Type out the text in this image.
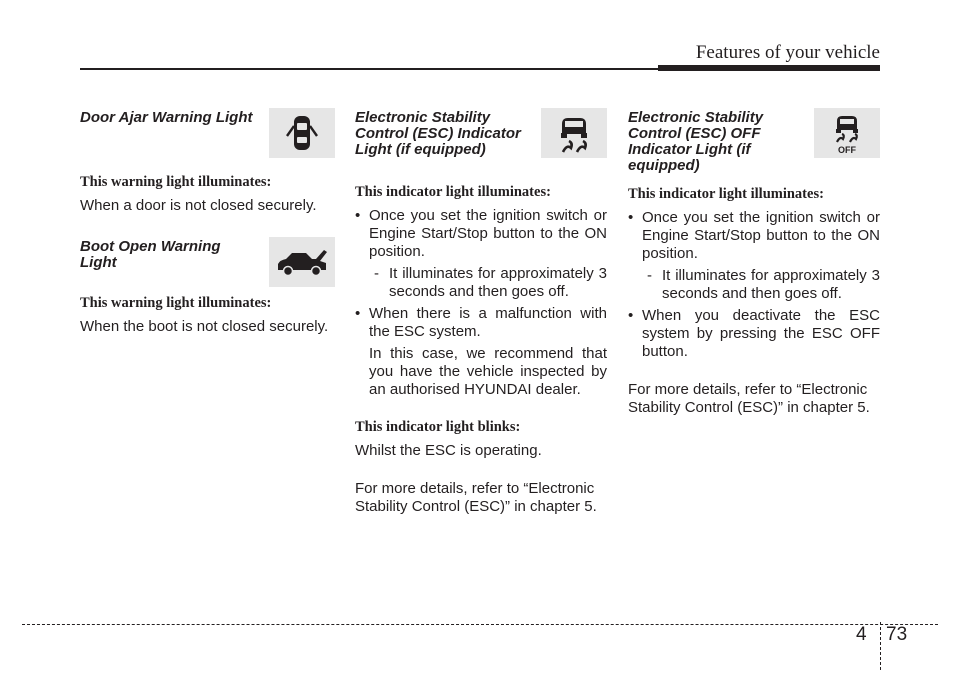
Features of your vehicle

Door Ajar Warning Light

This warning light illuminates:

When a door is not closed securely.

Boot Open Warning Light

This warning light illuminates:

When the boot is not closed securely.

Electronic Stability Control (ESC) Indicator Light (if equipped)

This indicator light illuminates:

• Once you set the ignition switch or Engine Start/Stop button to the ON position.
- It illuminates for approximately 3 seconds and then goes off.
• When there is a malfunction with the ESC system.
In this case, we recommend that you have the vehicle inspected by an authorised HYUNDAI dealer.

This indicator light blinks:

Whilst the ESC is operating.

For more details, refer to “Electronic Stability Control (ESC)” in chapter 5.

Electronic Stability Control (ESC) OFF Indicator Light (if equipped)

OFF

This indicator light illuminates:

• Once you set the ignition switch or Engine Start/Stop button to the ON position.
- It illuminates for approximately 3 seconds and then goes off.
• When you deactivate the ESC system by pressing the ESC OFF button.

For more details, refer to “Electronic Stability Control (ESC)” in chapter 5.

4 73
